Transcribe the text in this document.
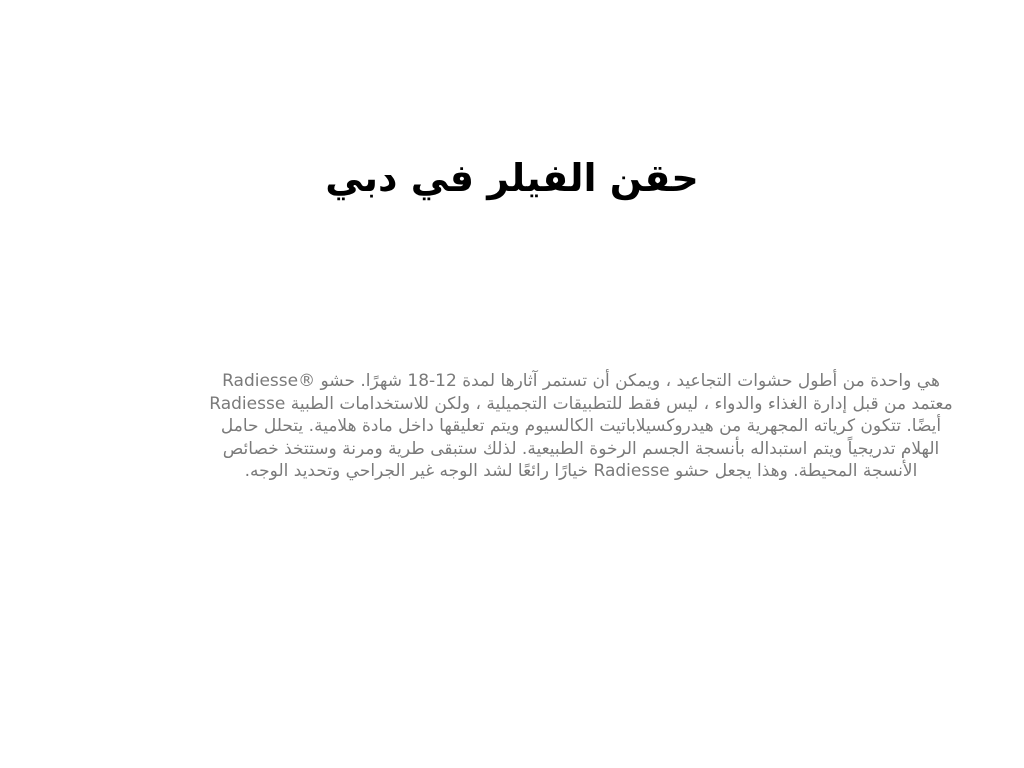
حقن الفيلر في دبي
هي واحدة من أطول حشوات التجاعيد ، ويمكن أن تستمر آثارها لمدة 12-18 شهرًا. حشو ®Radiesse
معتمد من قبل إدارة الغذاء والدواء ، ليس فقط للتطبيقات التجميلية ، ولكن للاستخدامات الطبية Radiesse
أيضًا. تتكون كرياته المجهرية من هيدروكسيلاباتيت الكالسيوم ويتم تعليقها داخل مادة هلامية. يتحلل حامل
الهلام تدريجياً ويتم استبداله بأنسجة الجسم الرخوة الطبيعية. لذلك ستبقى طرية ومرنة وستتخذ خصائص
الأنسجة المحيطة. وهذا يجعل حشو Radiesse خيارًا رائعًا لشد الوجه غير الجراحي وتحديد الوجه.
